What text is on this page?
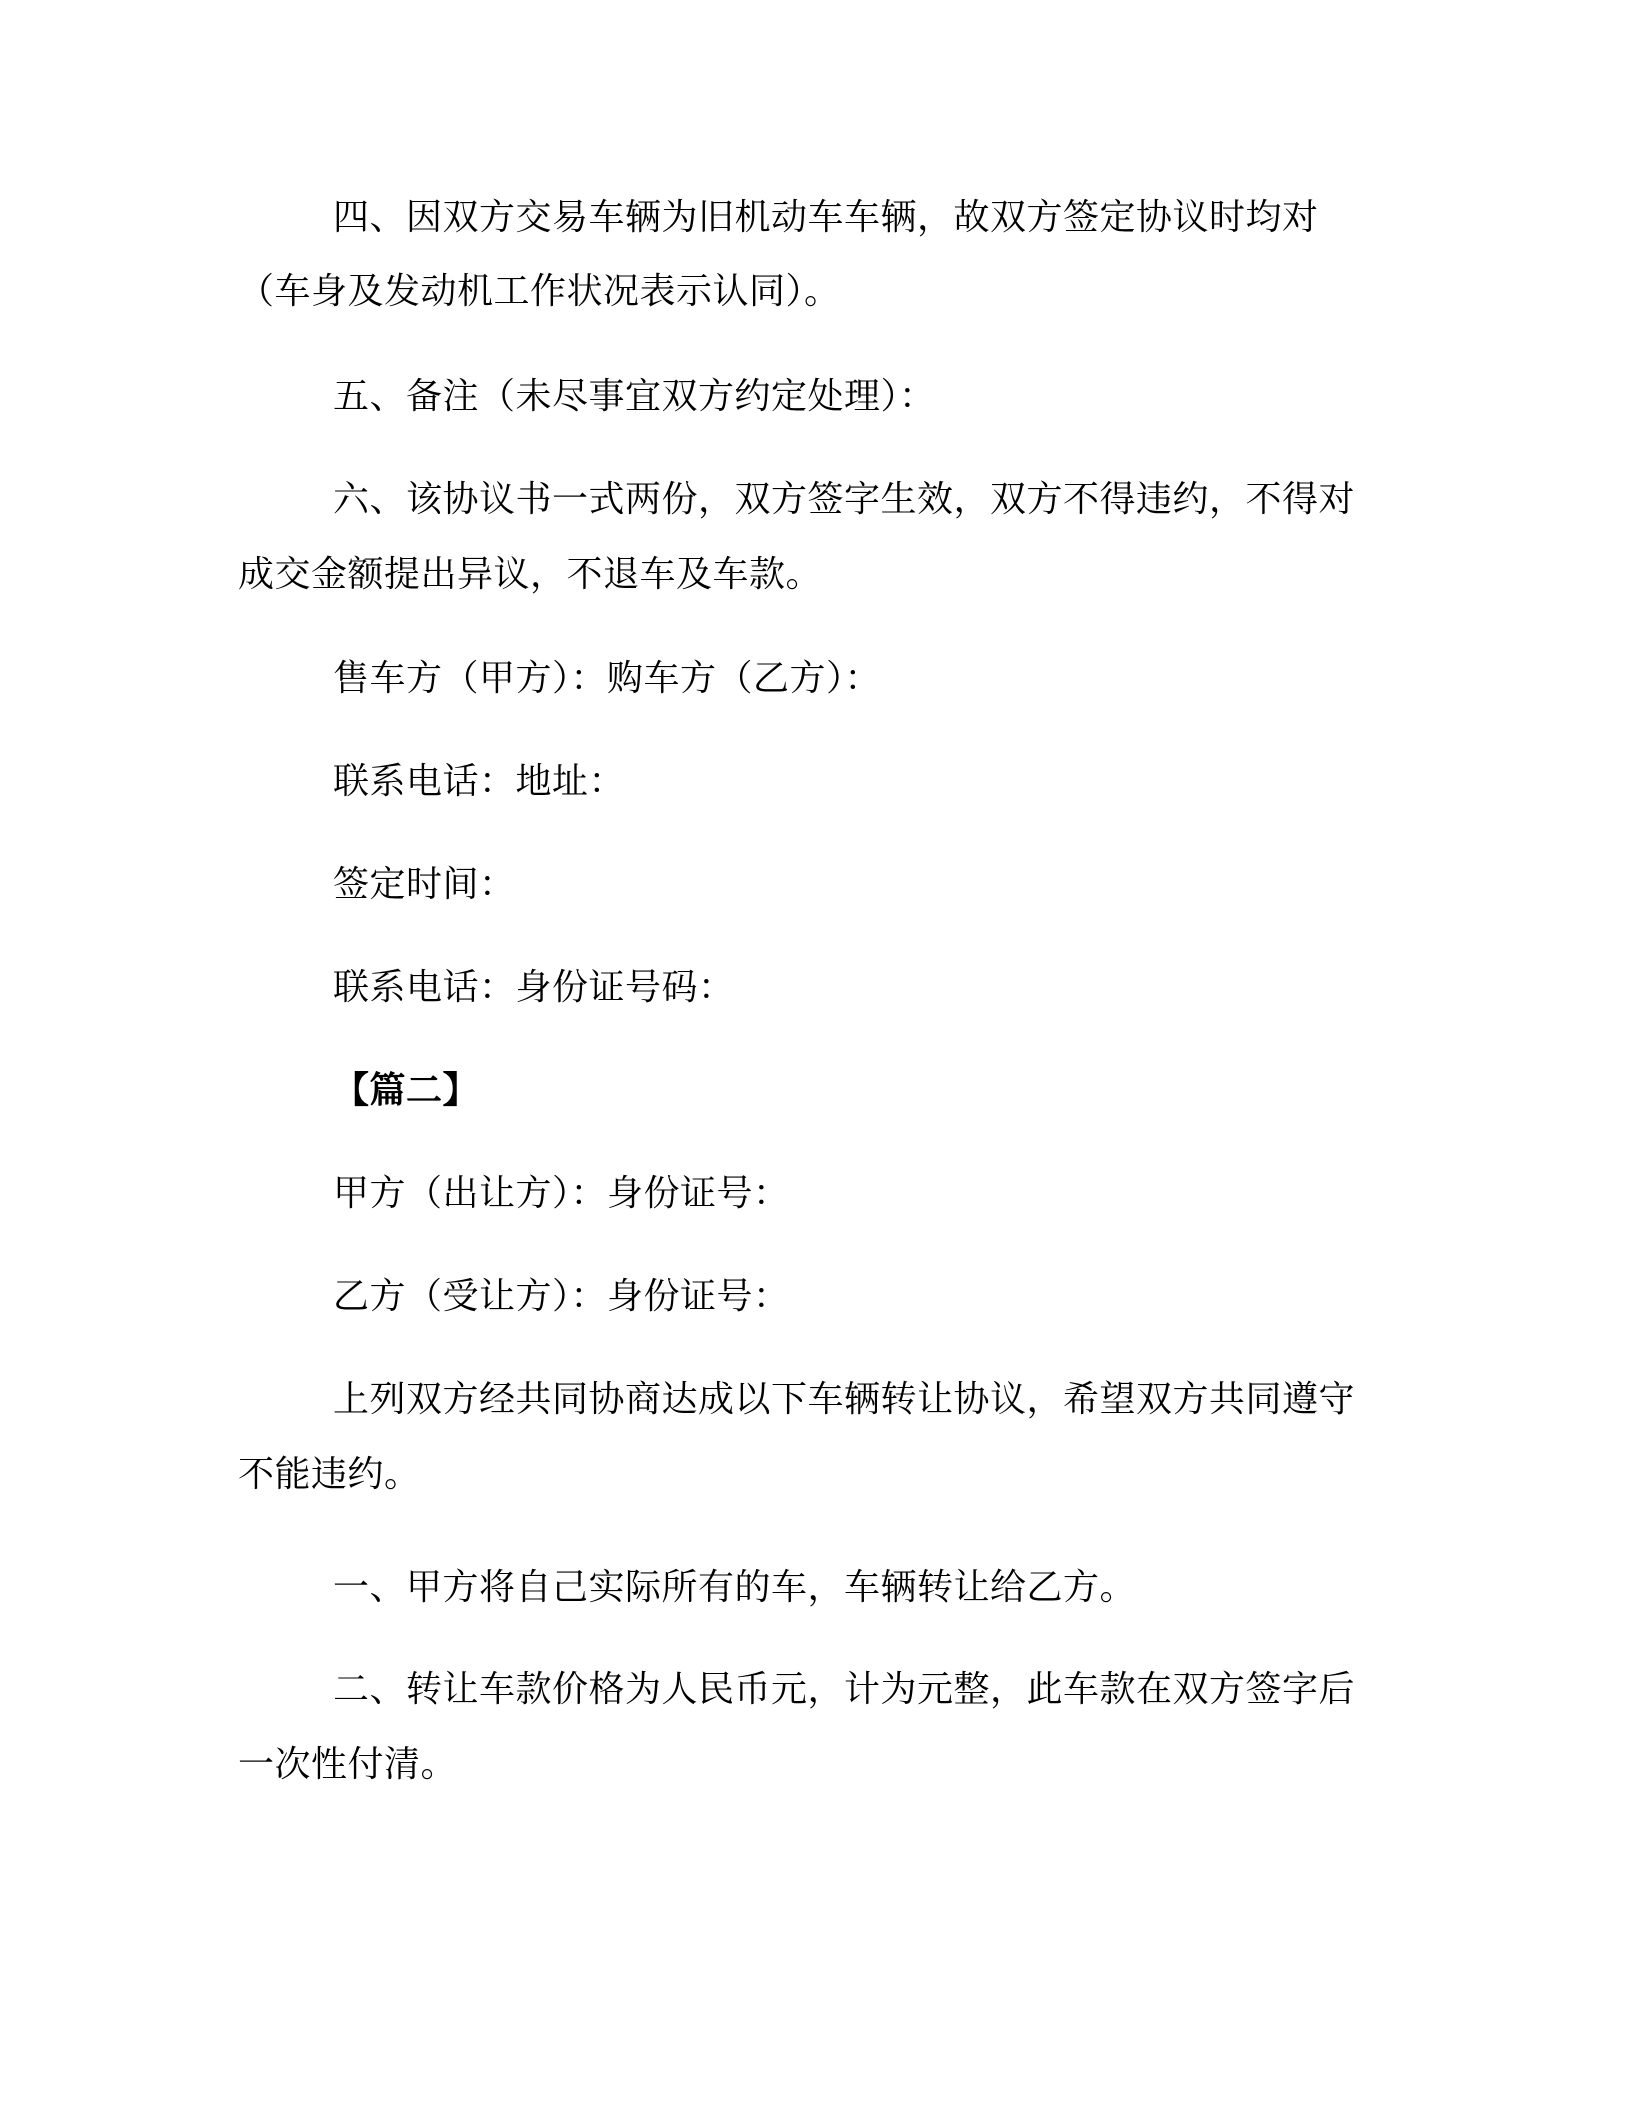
四、因双方交易车辆为旧机动车车辆，故双方签定协议时均对
（车身及发动机工作状况表示认同）。
五、备注（未尽事宜双方约定处理）：
六、该协议书一式两份，双方签字生效，双方不得违约，不得对
成交金额提出异议，不退车及车款。
售车方（甲方）：购车方（乙方）：
联系电话：地址：
签定时间：
联系电话：身份证号码：
【篇二】
甲方（出让方）：身份证号：
乙方（受让方）：身份证号：
上列双方经共同协商达成以下车辆转让协议，希望双方共同遵守
不能违约。
一、甲方将自己实际所有的车，车辆转让给乙方。
二、转让车款价格为人民币元，计为元整，此车款在双方签字后
一次性付清。
